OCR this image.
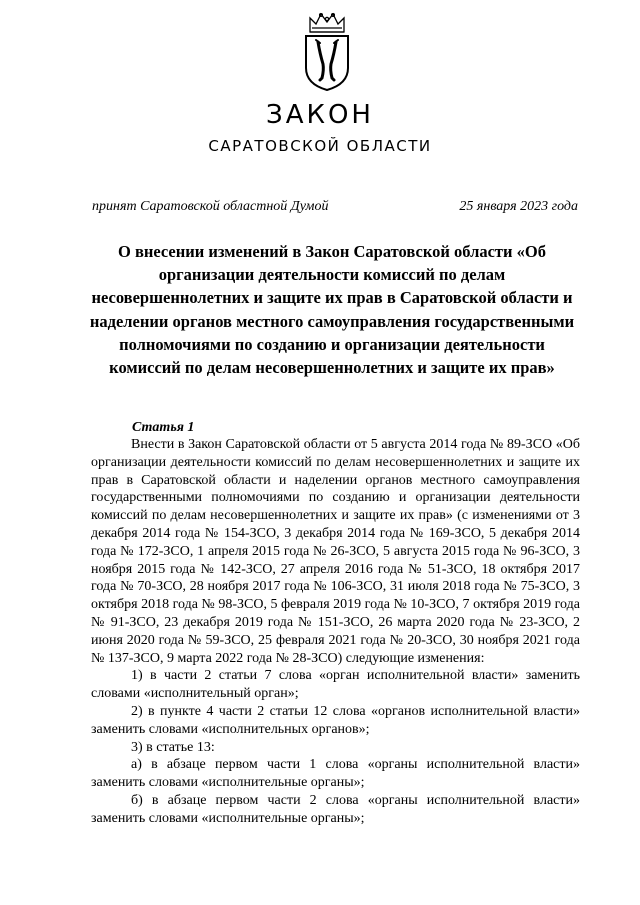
ЗАКОН
САРАТОВСКОЙ ОБЛАСТИ
принят Саратовской областной Думой	25 января 2023 года
О внесении изменений в Закон Саратовской области «Об организации деятельности комиссий по делам несовершеннолетних и защите их прав в Саратовской области и наделении органов местного самоуправления государственными полномочиями по созданию и организации деятельности комиссий по делам несовершеннолетних и защите их прав»
Статья 1

Внести в Закон Саратовской области от 5 августа 2014 года № 89-ЗСО «Об организации деятельности комиссий по делам несовершеннолетних и защите их прав в Саратовской области и наделении органов местного самоуправления государственными полномочиями по созданию и организации деятельности комиссий по делам несовершеннолетних и защите их прав» (с изменениями от 3 декабря 2014 года № 154-ЗСО, 3 декабря 2014 года № 169-ЗСО, 5 декабря 2014 года № 172-ЗСО, 1 апреля 2015 года № 26-ЗСО, 5 августа 2015 года № 96-ЗСО, 3 ноября 2015 года № 142-ЗСО, 27 апреля 2016 года № 51-ЗСО, 18 октября 2017 года № 70-ЗСО, 28 ноября 2017 года № 106-ЗСО, 31 июля 2018 года № 75-ЗСО, 3 октября 2018 года № 98-ЗСО, 5 февраля 2019 года № 10-ЗСО, 7 октября 2019 года № 91-ЗСО, 23 декабря 2019 года № 151-ЗСО, 26 марта 2020 года № 23-ЗСО, 2 июня 2020 года № 59-ЗСО, 25 февраля 2021 года № 20-ЗСО, 30 ноября 2021 года № 137-ЗСО, 9 марта 2022 года № 28-ЗСО) следующие изменения:

1) в части 2 статьи 7 слова «орган исполнительной власти» заменить словами «исполнительный орган»;

2) в пункте 4 части 2 статьи 12 слова «органов исполнительной власти» заменить словами «исполнительных органов»;

3) в статье 13:

а) в абзаце первом части 1 слова «органы исполнительной власти» заменить словами «исполнительные органы»;

б) в абзаце первом части 2 слова «органы исполнительной власти» заменить словами «исполнительные органы»;
